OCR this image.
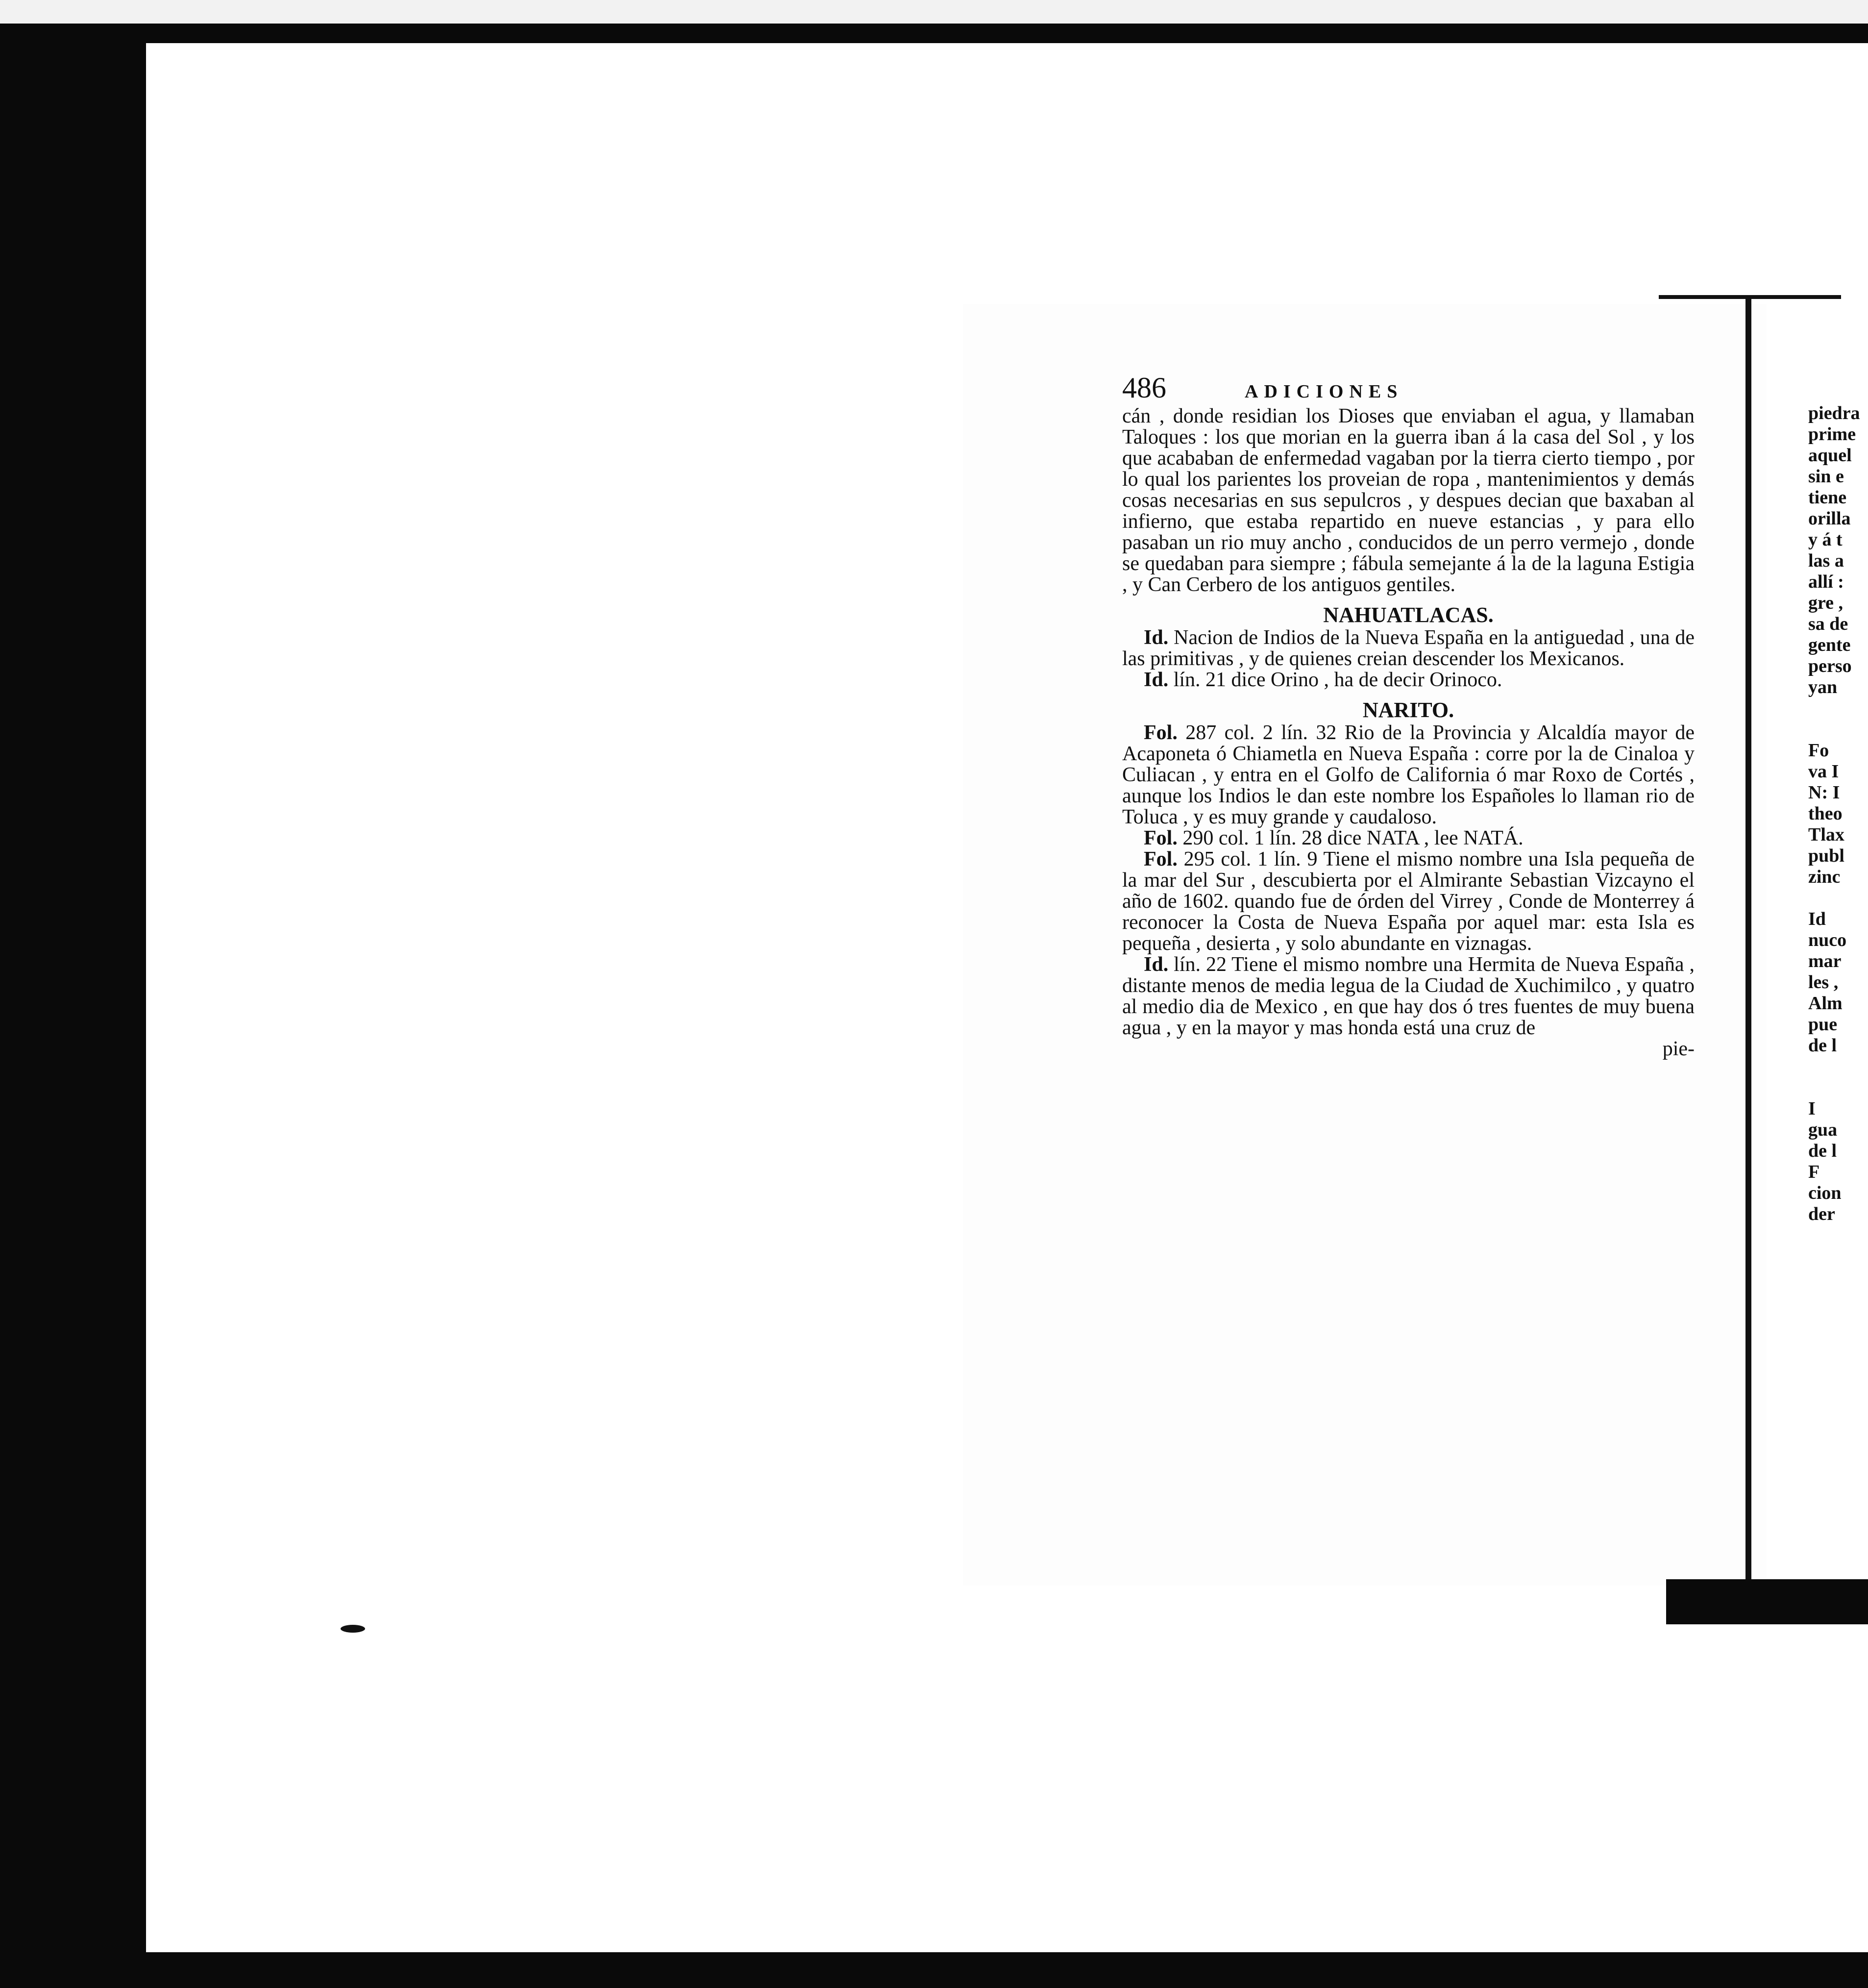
486	ADICIONES

cán , donde residian los Dioses que enviaban el agua, y llamaban Taloques : los que morian en la guerra iban á la casa del Sol , y los que acababan de enfermedad vagaban por la tierra cierto tiempo , por lo qual los parientes los proveian de ropa , mantenimientos y demás cosas necesarias en sus sepulcros , y despues decian que baxaban al infierno, que estaba repartido en nueve estancias , y para ello pasaban un rio muy ancho , conducidos de un perro vermejo , donde se quedaban para siempre ; fábula semejante á la de la laguna Estigia , y Can Cerbero de los antiguos gentiles.

NAHUATLACAS.

Id. Nacion de Indios de la Nueva España en la antiguedad , una de las primitivas , y de quienes creian descender los Mexicanos.

Id. lín. 21 dice Orino , ha de decir Orinoco.

NARITO.

Fol. 287 col. 2 lín. 32 Rio de la Provincia y Alcaldía mayor de Acaponeta ó Chiametla en Nueva España : corre por la de Cinaloa y Culiacan , y entra en el Golfo de California ó mar Roxo de Cortés , aunque los Indios le dan este nombre los Españoles lo llaman rio de Toluca , y es muy grande y caudaloso.

Fol. 290 col. 1 lín. 28 dice NATA , lee NATÁ.

Fol. 295 col. 1 lín. 9 Tiene el mismo nombre una Isla pequeña de la mar del Sur , descubierta por el Almirante Sebastian Vizcayno el año de 1602. quando fue de órden del Virrey , Conde de Monterrey á reconocer la Costa de Nueva España por aquel mar: esta Isla es pequeña , desierta , y solo abundante en viznagas.

Id. lín. 22 Tiene el mismo nombre una Hermita de Nueva España , distante menos de media legua de la Ciudad de Xuchimilco , y quatro al medio dia de Mexico , en que hay dos ó tres fuentes de muy buena agua , y en la mayor y mas honda está una cruz de

pie-

piedra
prime
aquel
sin e
tiene
orilla
y á t
las a
allí :
gre ,
sa de
gente
perso
yan
Fo
va I
N: I
theo
Tlax
publ
zinc
Id
nuco
mar
les ,
Alm
pue
de l
I
gua
de l
F
cion
der
